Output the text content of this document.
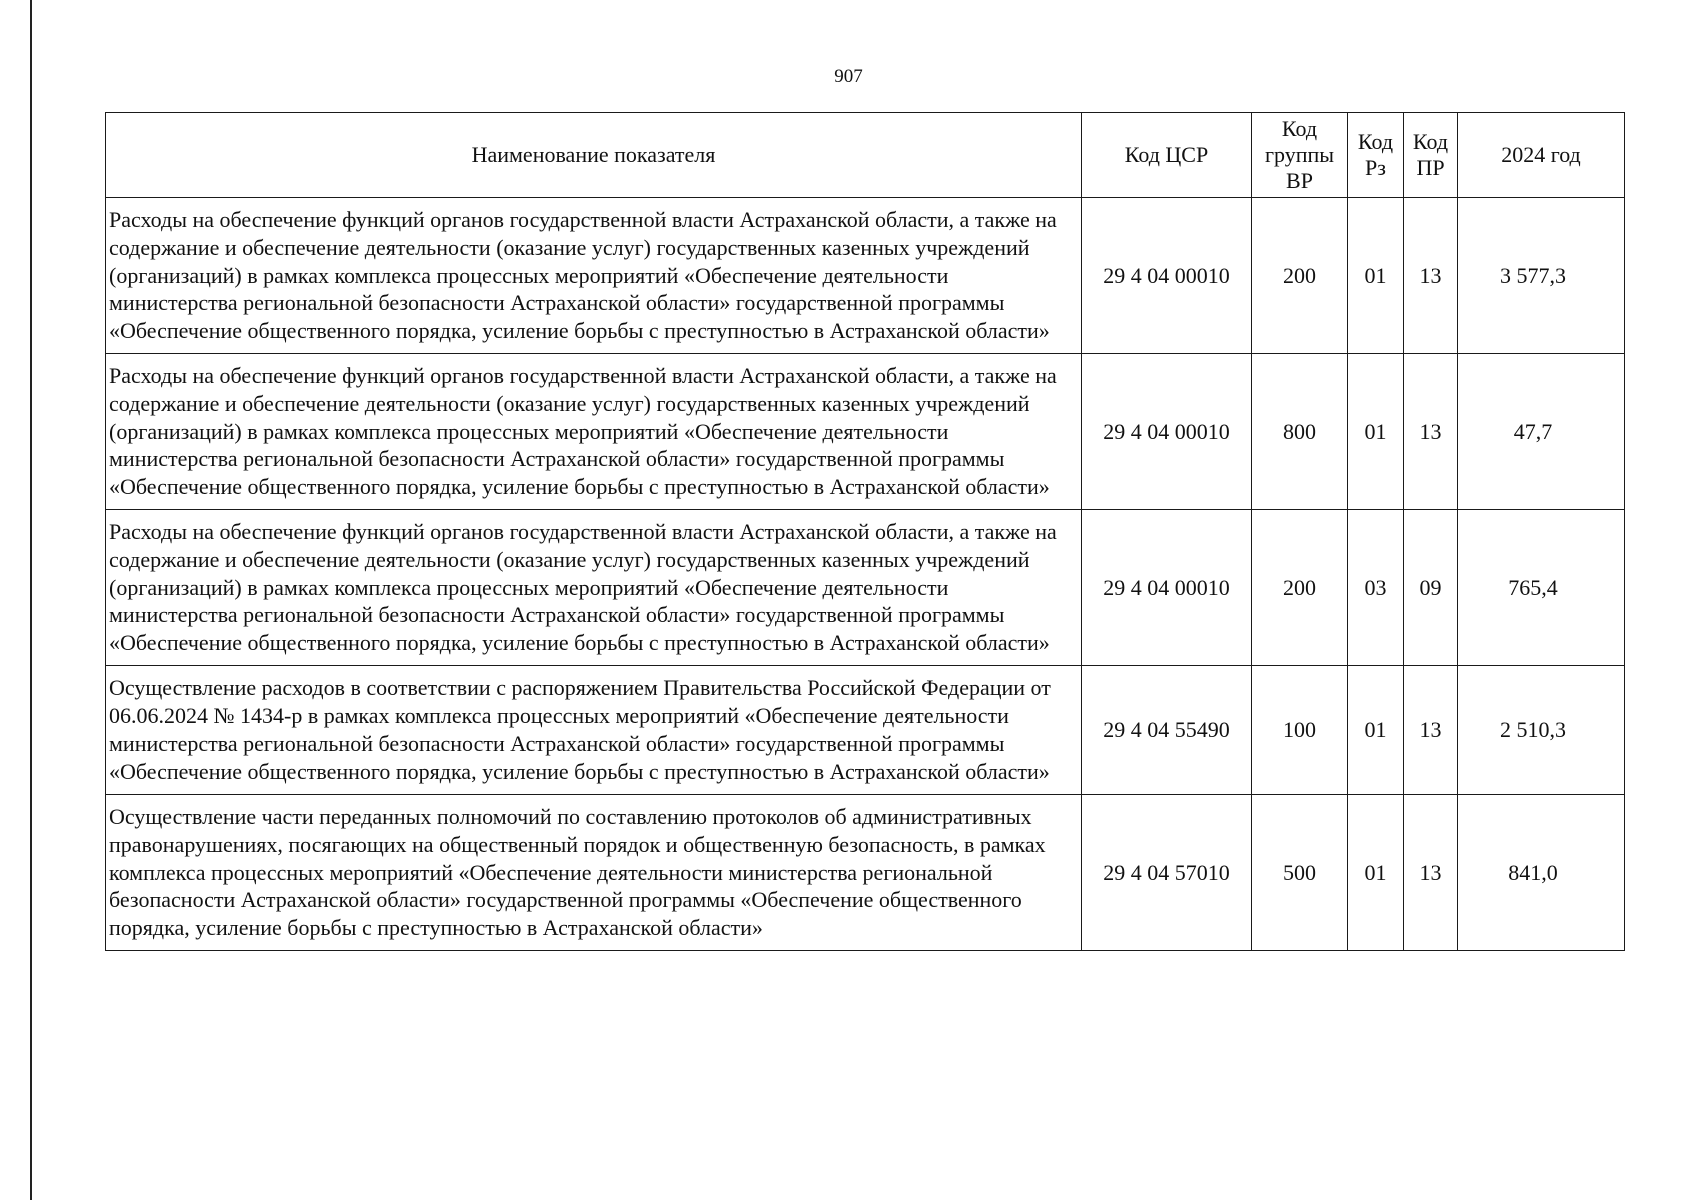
907
Наименование показателя	Код ЦСР	Код группы ВР	Код Рз	Код ПР	2024 год
Расходы на обеспечение функций органов государственной власти Астраханской области, а также на содержание и обеспечение деятельности (оказание услуг) государственных казенных учреждений (организаций) в рамках комплекса процессных мероприятий «Обеспечение деятельности министерства региональной безопасности Астраханской области» государственной программы «Обеспечение общественного порядка, усиление борьбы с преступностью в Астраханской области»	29 4 04 00010	200	01	13	3 577,3
Расходы на обеспечение функций органов государственной власти Астраханской области, а также на содержание и обеспечение деятельности (оказание услуг) государственных казенных учреждений (организаций) в рамках комплекса процессных мероприятий «Обеспечение деятельности министерства региональной безопасности Астраханской области» государственной программы «Обеспечение общественного порядка, усиление борьбы с преступностью в Астраханской области»	29 4 04 00010	800	01	13	47,7
Расходы на обеспечение функций органов государственной власти Астраханской области, а также на содержание и обеспечение деятельности (оказание услуг) государственных казенных учреждений (организаций) в рамках комплекса процессных мероприятий «Обеспечение деятельности министерства региональной безопасности Астраханской области» государственной программы «Обеспечение общественного порядка, усиление борьбы с преступностью в Астраханской области»	29 4 04 00010	200	03	09	765,4
Осуществление расходов в соответствии с распоряжением Правительства Российской Федерации от 06.06.2024 № 1434-р в рамках комплекса процессных мероприятий «Обеспечение деятельности министерства региональной безопасности Астраханской области» государственной программы «Обеспечение общественного порядка, усиление борьбы с преступностью в Астраханской области»	29 4 04 55490	100	01	13	2 510,3
Осуществление части переданных полномочий по составлению протоколов об административных правонарушениях, посягающих на общественный порядок и общественную безопасность, в рамках комплекса процессных мероприятий «Обеспечение деятельности министерства региональной безопасности Астраханской области» государственной программы «Обеспечение общественного порядка, усиление борьбы с преступностью в Астраханской области»	29 4 04 57010	500	01	13	841,0
